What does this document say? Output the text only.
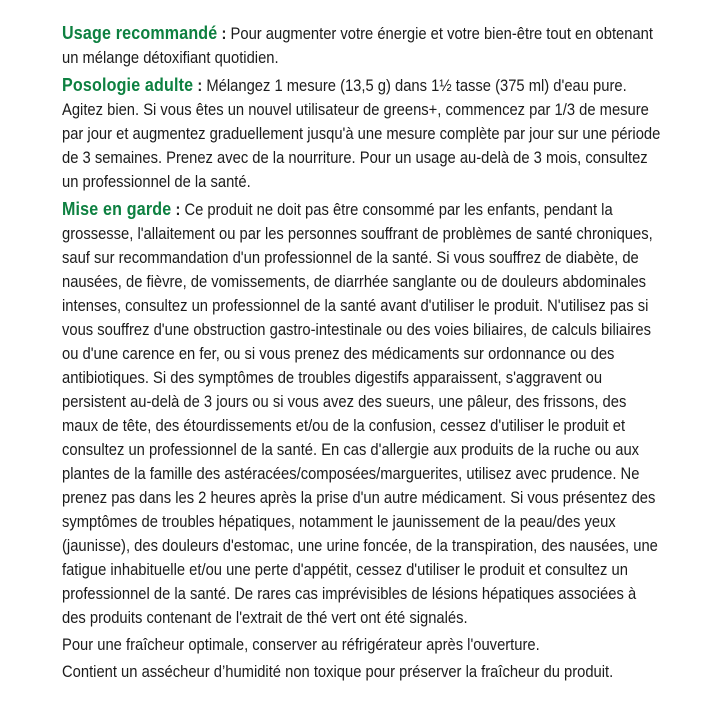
Usage recommandé : Pour augmenter votre énergie et votre bien-être tout en obtenant un mélange détoxifiant quotidien.

Posologie adulte : Mélangez 1 mesure (13,5 g) dans 1½ tasse (375 ml) d'eau pure. Agitez bien. Si vous êtes un nouvel utilisateur de greens+, commencez par 1/3 de mesure par jour et augmentez graduellement jusqu'à une mesure complète par jour sur une période de 3 semaines. Prenez avec de la nourriture. Pour un usage au-delà de 3 mois, consultez un professionnel de la santé.

Mise en garde : Ce produit ne doit pas être consommé par les enfants, pendant la grossesse, l'allaitement ou par les personnes souffrant de problèmes de santé chroniques, sauf sur recommandation d'un professionnel de la santé. Si vous souffrez de diabète, de nausées, de fièvre, de vomissements, de diarrhée sanglante ou de douleurs abdominales intenses, consultez un professionnel de la santé avant d'utiliser le produit. N'utilisez pas si vous souffrez d'une obstruction gastro-intestinale ou des voies biliaires, de calculs biliaires ou d'une carence en fer, ou si vous prenez des médicaments sur ordonnance ou des antibiotiques. Si des symptômes de troubles digestifs apparaissent, s'aggravent ou persistent au-delà de 3 jours ou si vous avez des sueurs, une pâleur, des frissons, des maux de tête, des étourdissements et/ou de la confusion, cessez d'utiliser le produit et consultez un professionnel de la santé. En cas d'allergie aux produits de la ruche ou aux plantes de la famille des astéracées/composées/marguerites, utilisez avec prudence. Ne prenez pas dans les 2 heures après la prise d'un autre médicament. Si vous présentez des symptômes de troubles hépatiques, notamment le jaunissement de la peau/des yeux (jaunisse), des douleurs d'estomac, une urine foncée, de la transpiration, des nausées, une fatigue inhabituelle et/ou une perte d'appétit, cessez d'utiliser le produit et consultez un professionnel de la santé. De rares cas imprévisibles de lésions hépatiques associées à des produits contenant de l'extrait de thé vert ont été signalés.

Pour une fraîcheur optimale, conserver au réfrigérateur après l'ouverture.

Contient un assécheur d’humidité non toxique pour préserver la fraîcheur du produit.
